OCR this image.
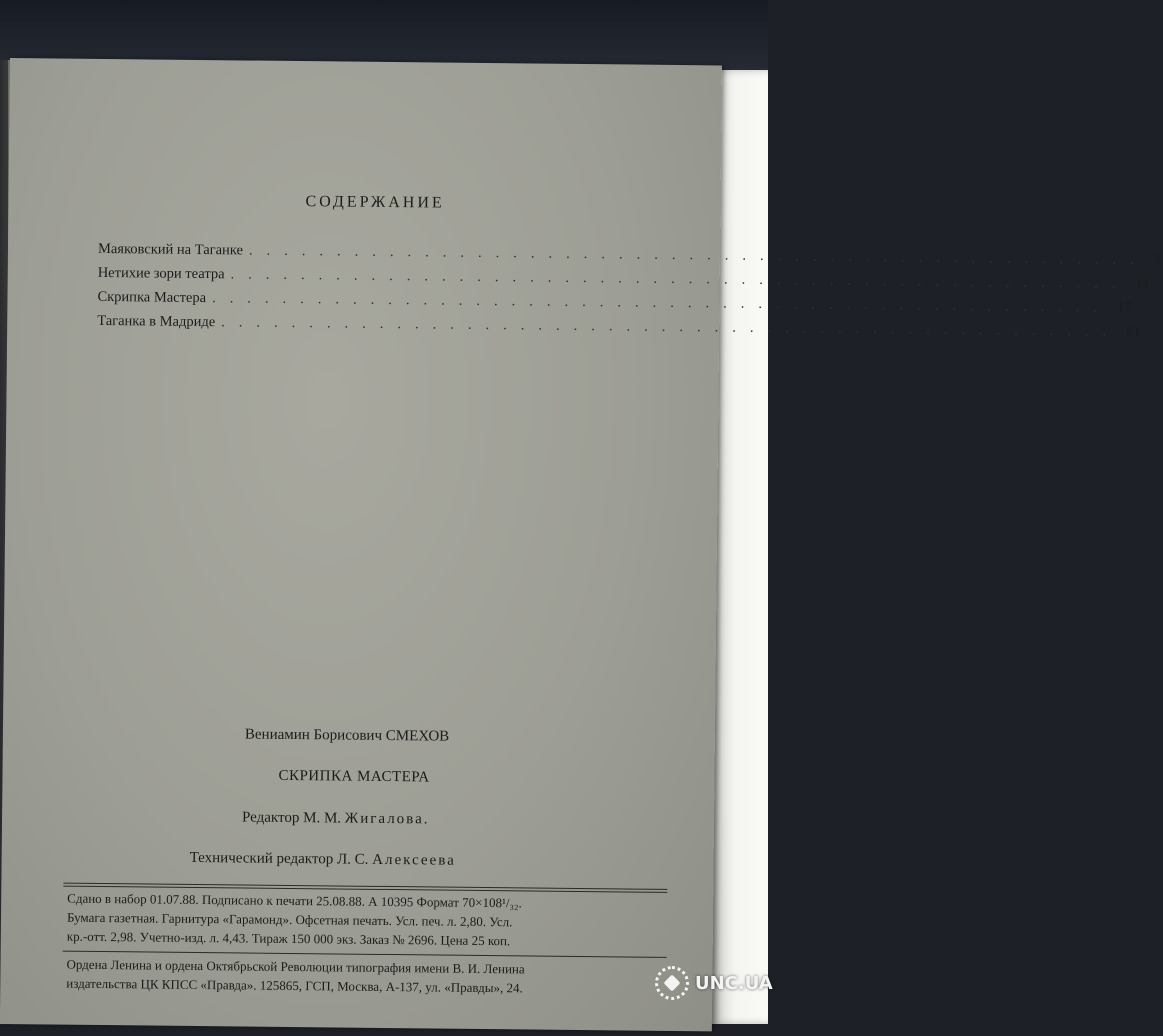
СОДЕРЖАНИЕ
Маяковский на Таганке ................................................... 3
Нетихие зори театра ................................................... 11
Скрипка Мастера ................................................... 17
Таганка в Мадриде ................................................... 61
Вениамин Борисович СМЕХОВ
СКРИПКА МАСТЕРА
Редактор М. М. Жигалова.
Технический редактор Л. С. Алексеева
Сдано в набор 01.07.88. Подписано к печати 25.08.88. А 10395 Формат 70×108¹/₃₂.
Бумага газетная. Гарнитура «Гарамонд». Офсетная печать. Усл. печ. л. 2,80. Усл.
кр.-отт. 2,98. Учетно-изд. л. 4,43. Тираж 150 000 экз. Заказ № 2696. Цена 25 коп.
Ордена Ленина и ордена Октябрьской Революции типография имени В. И. Ленина
издательства ЦК КПСС «Правда». 125865, ГСП, Москва, А-137, ул. «Правды», 24.	UNC.UA
